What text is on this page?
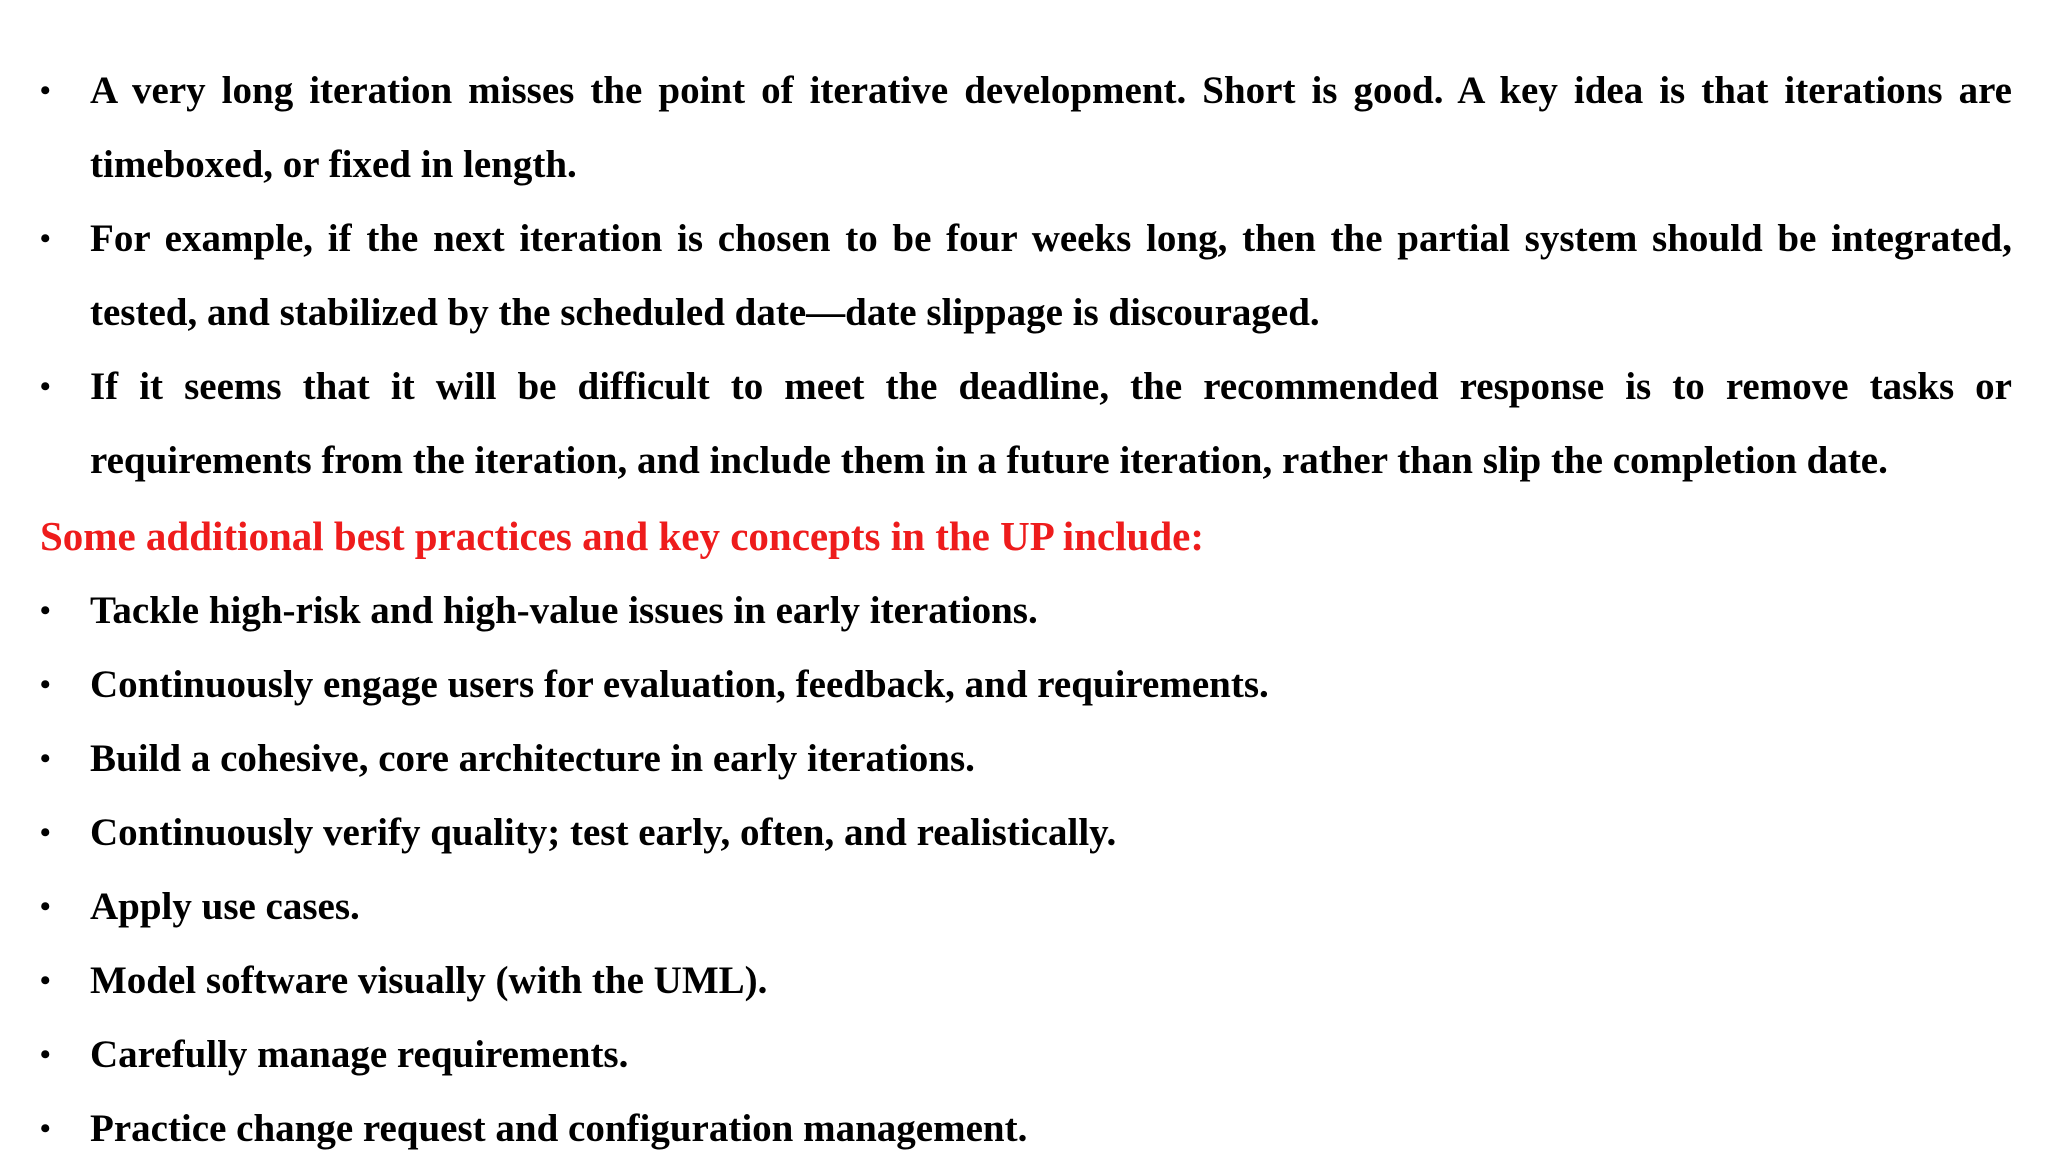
• A very long iteration misses the point of iterative development. Short is good. A key idea is that iterations are timeboxed, or fixed in length.
• For example, if the next iteration is chosen to be four weeks long, then the partial system should be integrated, tested, and stabilized by the scheduled date—date slippage is discouraged.
• If it seems that it will be difficult to meet the deadline, the recommended response is to remove tasks or requirements from the iteration, and include them in a future iteration, rather than slip the completion date.
Some additional best practices and key concepts in the UP include:
• Tackle high-risk and high-value issues in early iterations.
• Continuously engage users for evaluation, feedback, and requirements.
• Build a cohesive, core architecture in early iterations.
• Continuously verify quality; test early, often, and realistically.
• Apply use cases.
• Model software visually (with the UML).
• Carefully manage requirements.
• Practice change request and configuration management.
